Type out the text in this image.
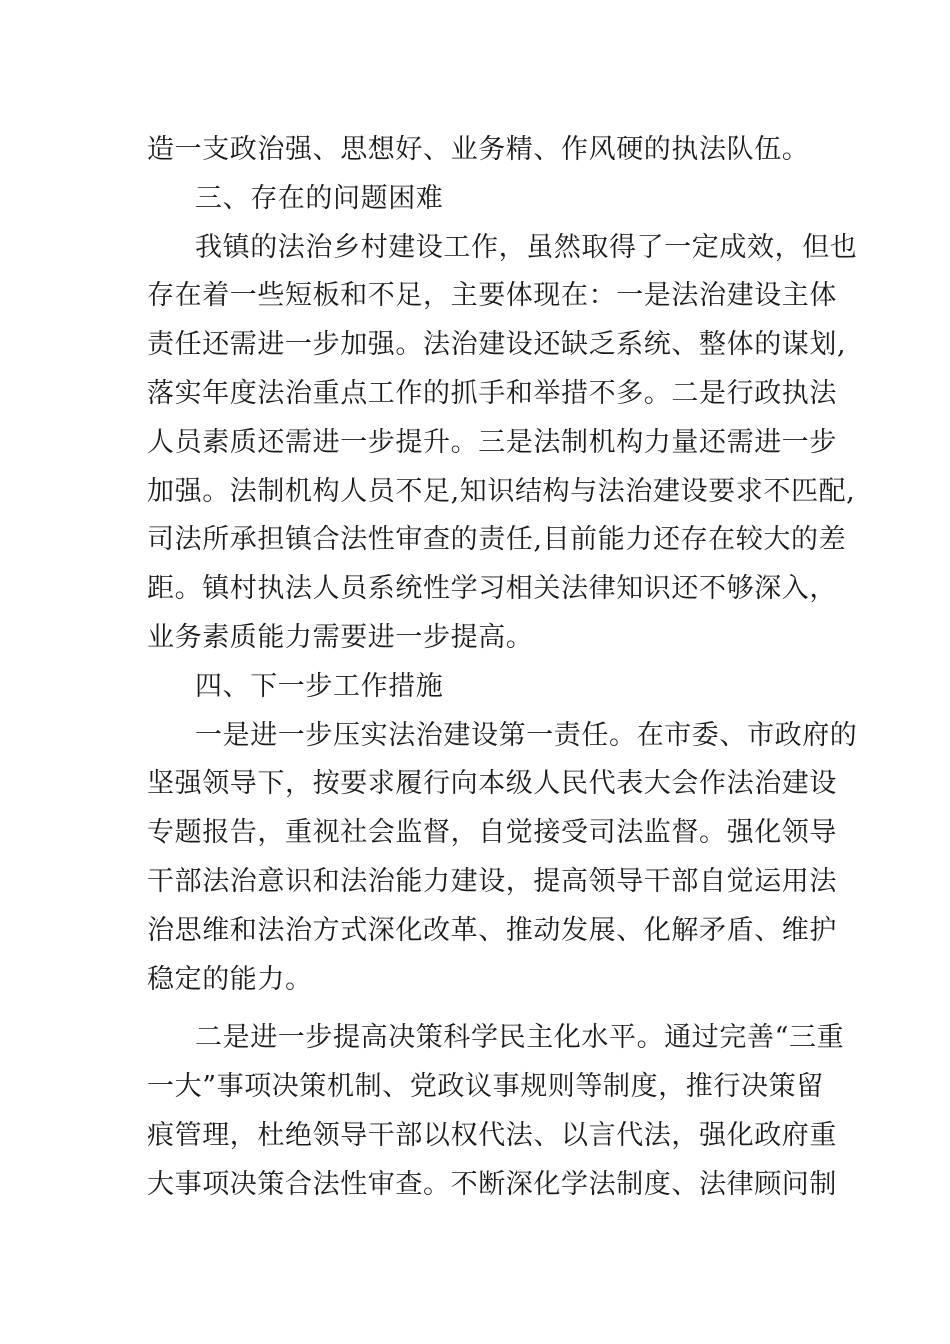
造一支政治强、思想好、业务精、作风硬的执法队伍。
三、存在的问题困难
我镇的法治乡村建设工作，虽然取得了一定成效，但也
存在着一些短板和不足，主要体现在：一是法治建设主体
责任还需进一步加强。法治建设还缺乏系统、整体的谋划,
落实年度法治重点工作的抓手和举措不多。二是行政执法
人员素质还需进一步提升。三是法制机构力量还需进一步
加强。法制机构人员不足,知识结构与法治建设要求不匹配,
司法所承担镇合法性审查的责任,目前能力还存在较大的差
距。镇村执法人员系统性学习相关法律知识还不够深入，
业务素质能力需要进一步提高。
四、下一步工作措施
一是进一步压实法治建设第一责任。在市委、市政府的
坚强领导下，按要求履行向本级人民代表大会作法治建设
专题报告，重视社会监督，自觉接受司法监督。强化领导
干部法治意识和法治能力建设，提高领导干部自觉运用法
治思维和法治方式深化改革、推动发展、化解矛盾、维护
稳定的能力。
二是进一步提高决策科学民主化水平。通过完善“三重
一大”事项决策机制、党政议事规则等制度，推行决策留
痕管理，杜绝领导干部以权代法、以言代法，强化政府重
大事项决策合法性审查。不断深化学法制度、法律顾问制
